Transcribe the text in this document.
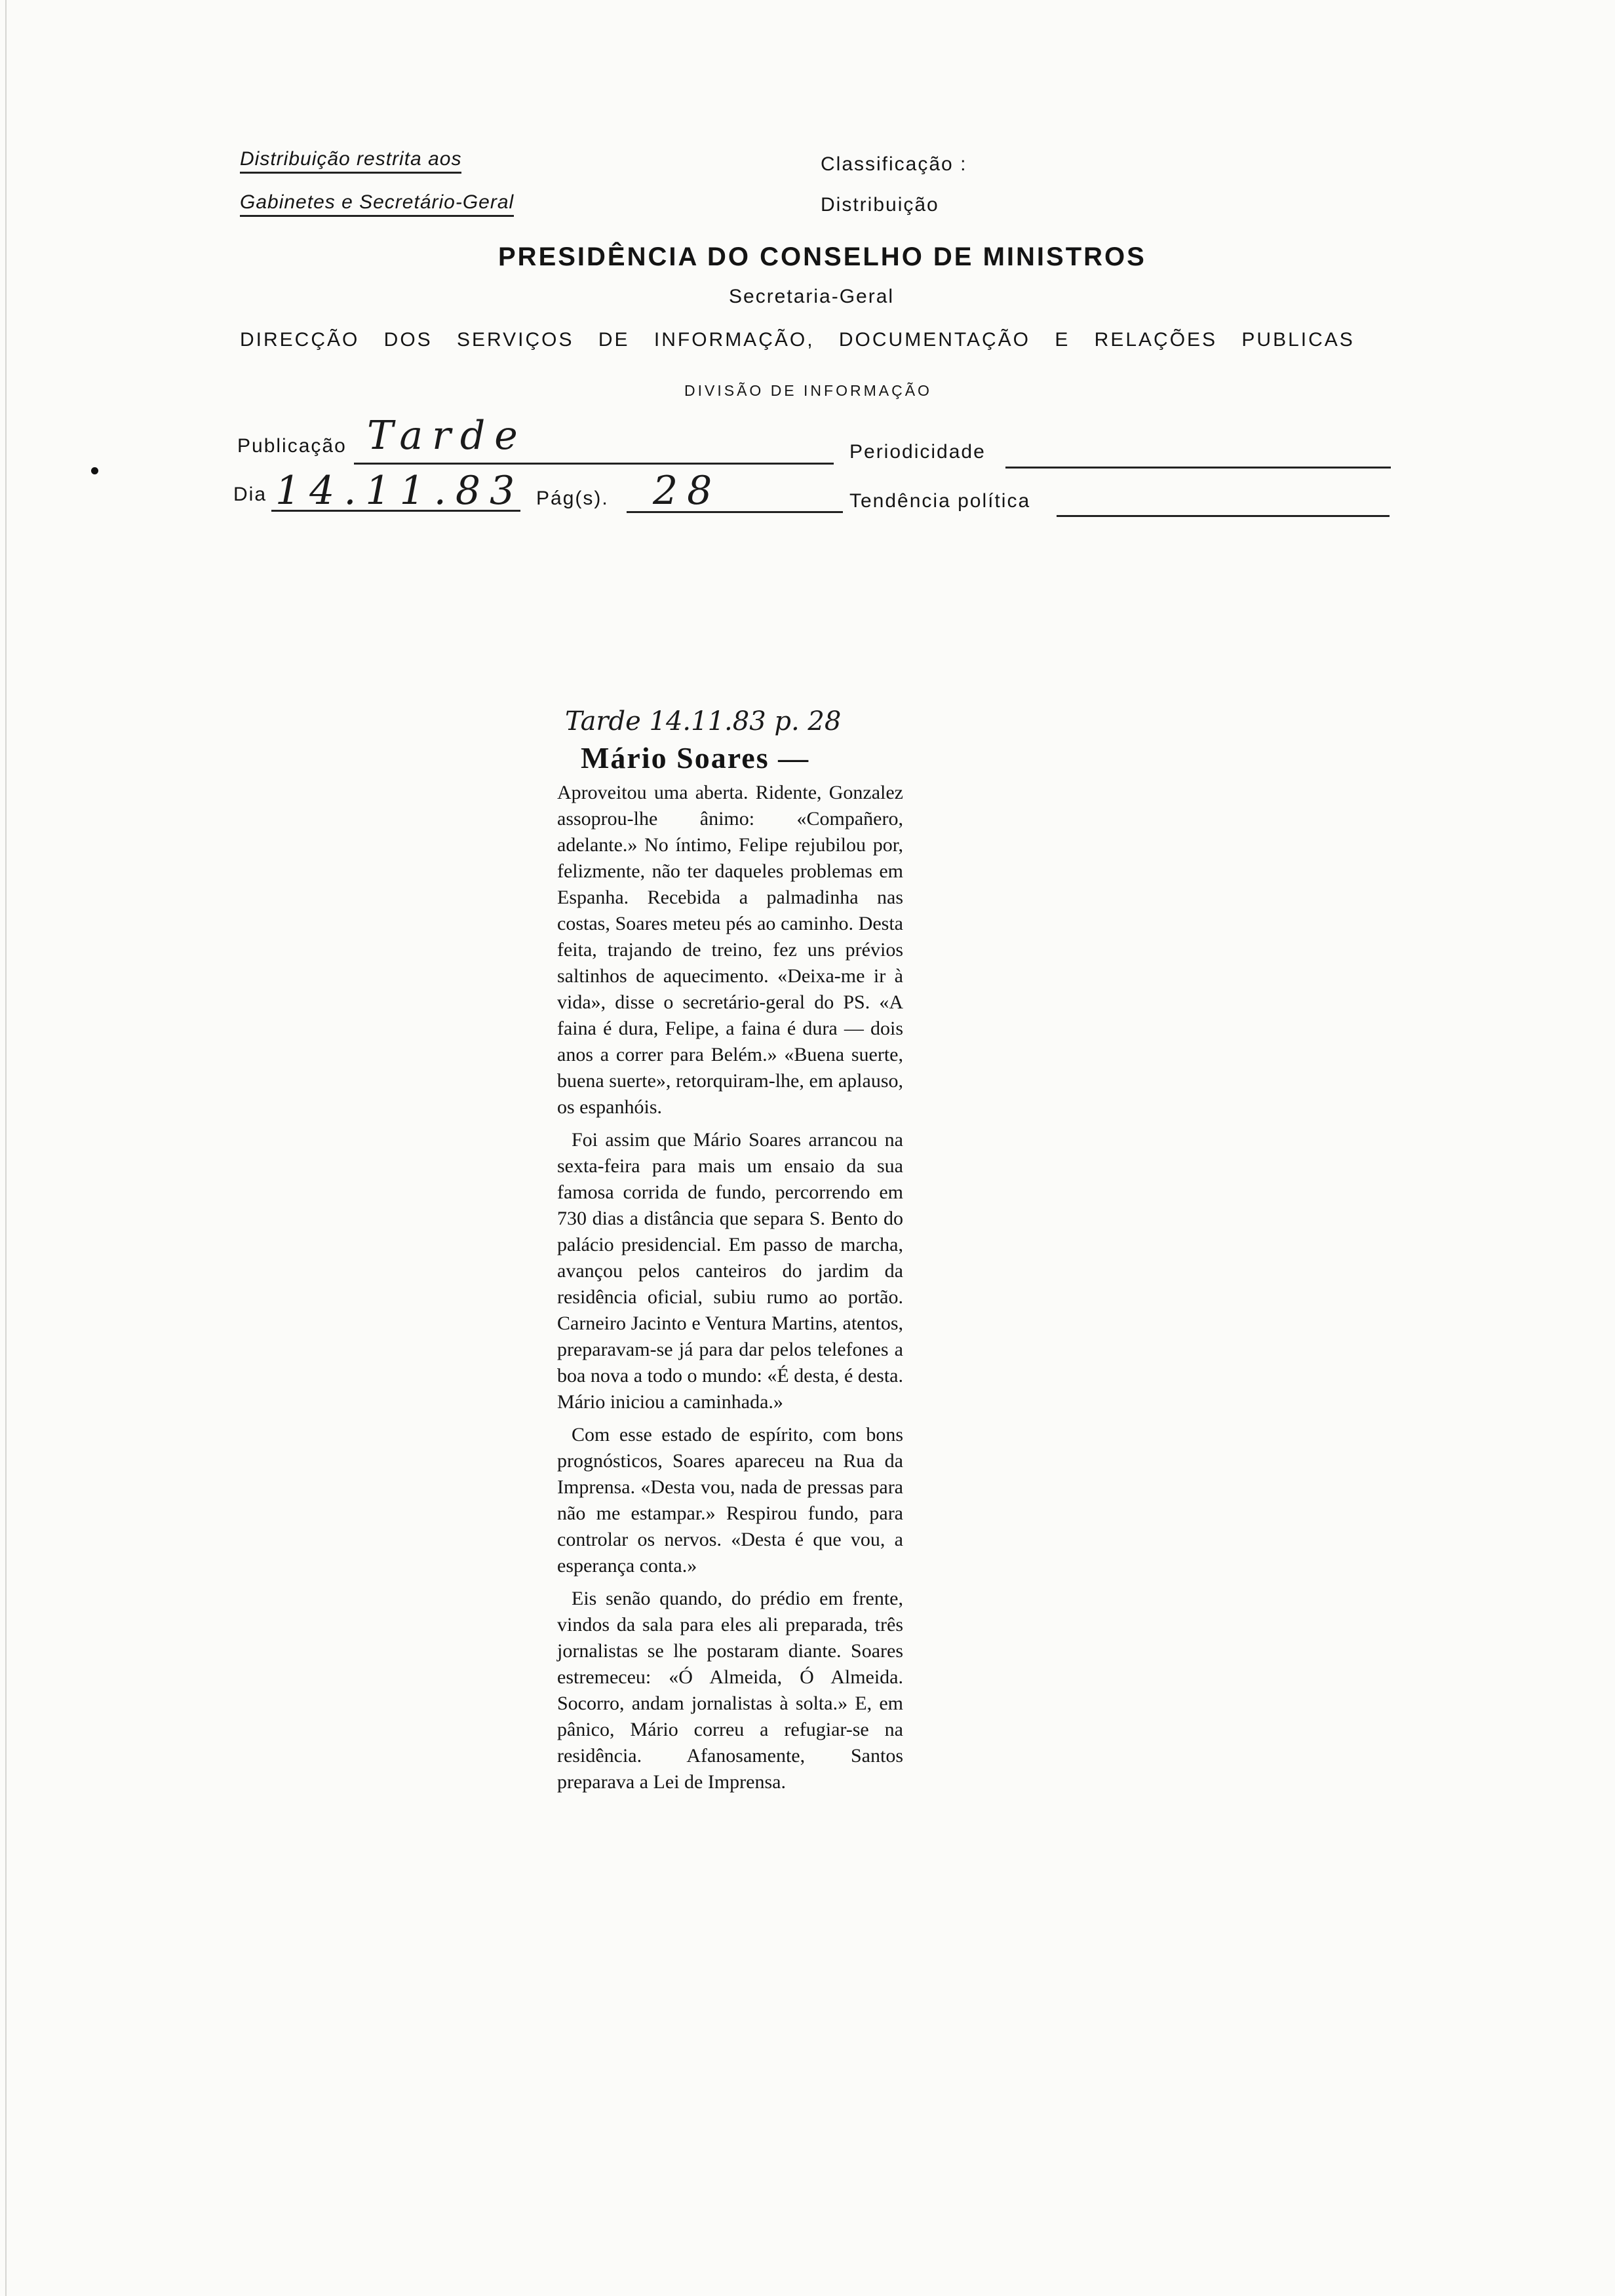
Distribuição restrita aos
Gabinetes e Secretário-Geral
Classificação :
Distribuição
PRESIDÊNCIA DO CONSELHO DE MINISTROS
Secretaria-Geral
DIRECÇÃO DOS SERVIÇOS DE INFORMAÇÃO, DOCUMENTAÇÃO E RELAÇÕES PUBLICAS
DIVISÃO DE INFORMAÇÃO
Publicação Tarde	Periodicidade
Dia 14.11.83 Pág(s). 28	Tendência política
Tarde 14.11.83 p. 28
Mário Soares —

Aproveitou uma aberta. Ridente, Gonzalez assoprou-lhe ânimo: «Compañero, adelante.» No íntimo, Felipe rejubilou por, felizmente, não ter daqueles problemas em Espanha. Recebida a palmadinha nas costas, Soares meteu pés ao caminho. Desta feita, trajando de treino, fez uns prévios saltinhos de aquecimento. «Deixa-me ir à vida», disse o secretário-geral do PS. «A faina é dura, Felipe, a faina é dura — dois anos a correr para Belém.» «Buena suerte, buena suerte», retorquiram-lhe, em aplauso, os espanhóis.

Foi assim que Mário Soares arrancou na sexta-feira para mais um ensaio da sua famosa corrida de fundo, percorrendo em 730 dias a distância que separa S. Bento do palácio presidencial. Em passo de marcha, avançou pelos canteiros do jardim da residência oficial, subiu rumo ao portão. Carneiro Jacinto e Ventura Martins, atentos, preparavam-se já para dar pelos telefones a boa nova a todo o mundo: «É desta, é desta. Mário iniciou a caminhada.»

Com esse estado de espírito, com bons prognósticos, Soares apareceu na Rua da Imprensa. «Desta vou, nada de pressas para não me estampar.» Respirou fundo, para controlar os nervos. «Desta é que vou, a esperança conta.»

Eis senão quando, do prédio em frente, vindos da sala para eles ali preparada, três jornalistas se lhe postaram diante. Soares estremeceu: «Ó Almeida, Ó Almeida. Socorro, andam jornalistas à solta.» E, em pânico, Mário correu a refugiar-se na residência. Afanosamente, Santos preparava a Lei de Imprensa.
